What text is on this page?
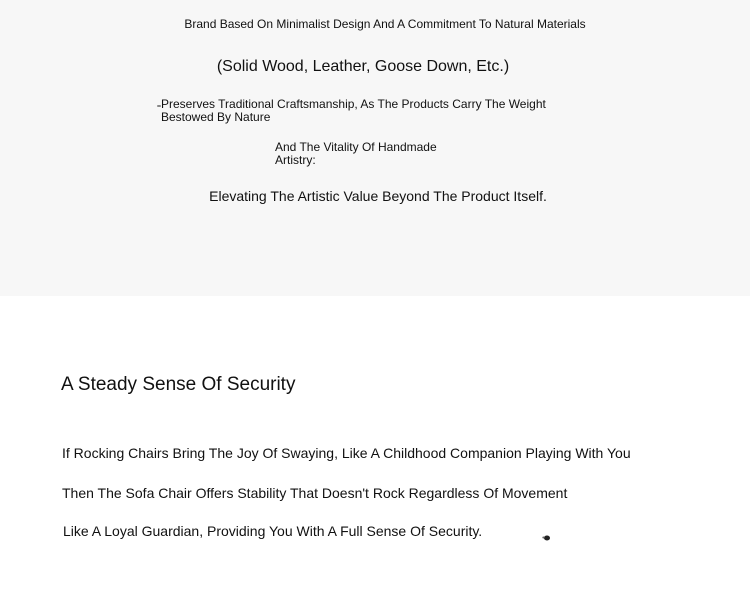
Brand Based On Minimalist Design And A Commitment To Natural Materials

(Solid Wood, Leather, Goose Down, Etc.)

Preserves Traditional Craftsmanship, As The Products Carry The Weight Bestowed By Nature

And The Vitality Of Handmade Artistry:

Elevating The Artistic Value Beyond The Product Itself.

A Steady Sense Of Security

If Rocking Chairs Bring The Joy Of Swaying, Like A Childhood Companion Playing With You

Then The Sofa Chair Offers Stability That Doesn't Rock Regardless Of Movement

Like A Loyal Guardian, Providing You With A Full Sense Of Security.
